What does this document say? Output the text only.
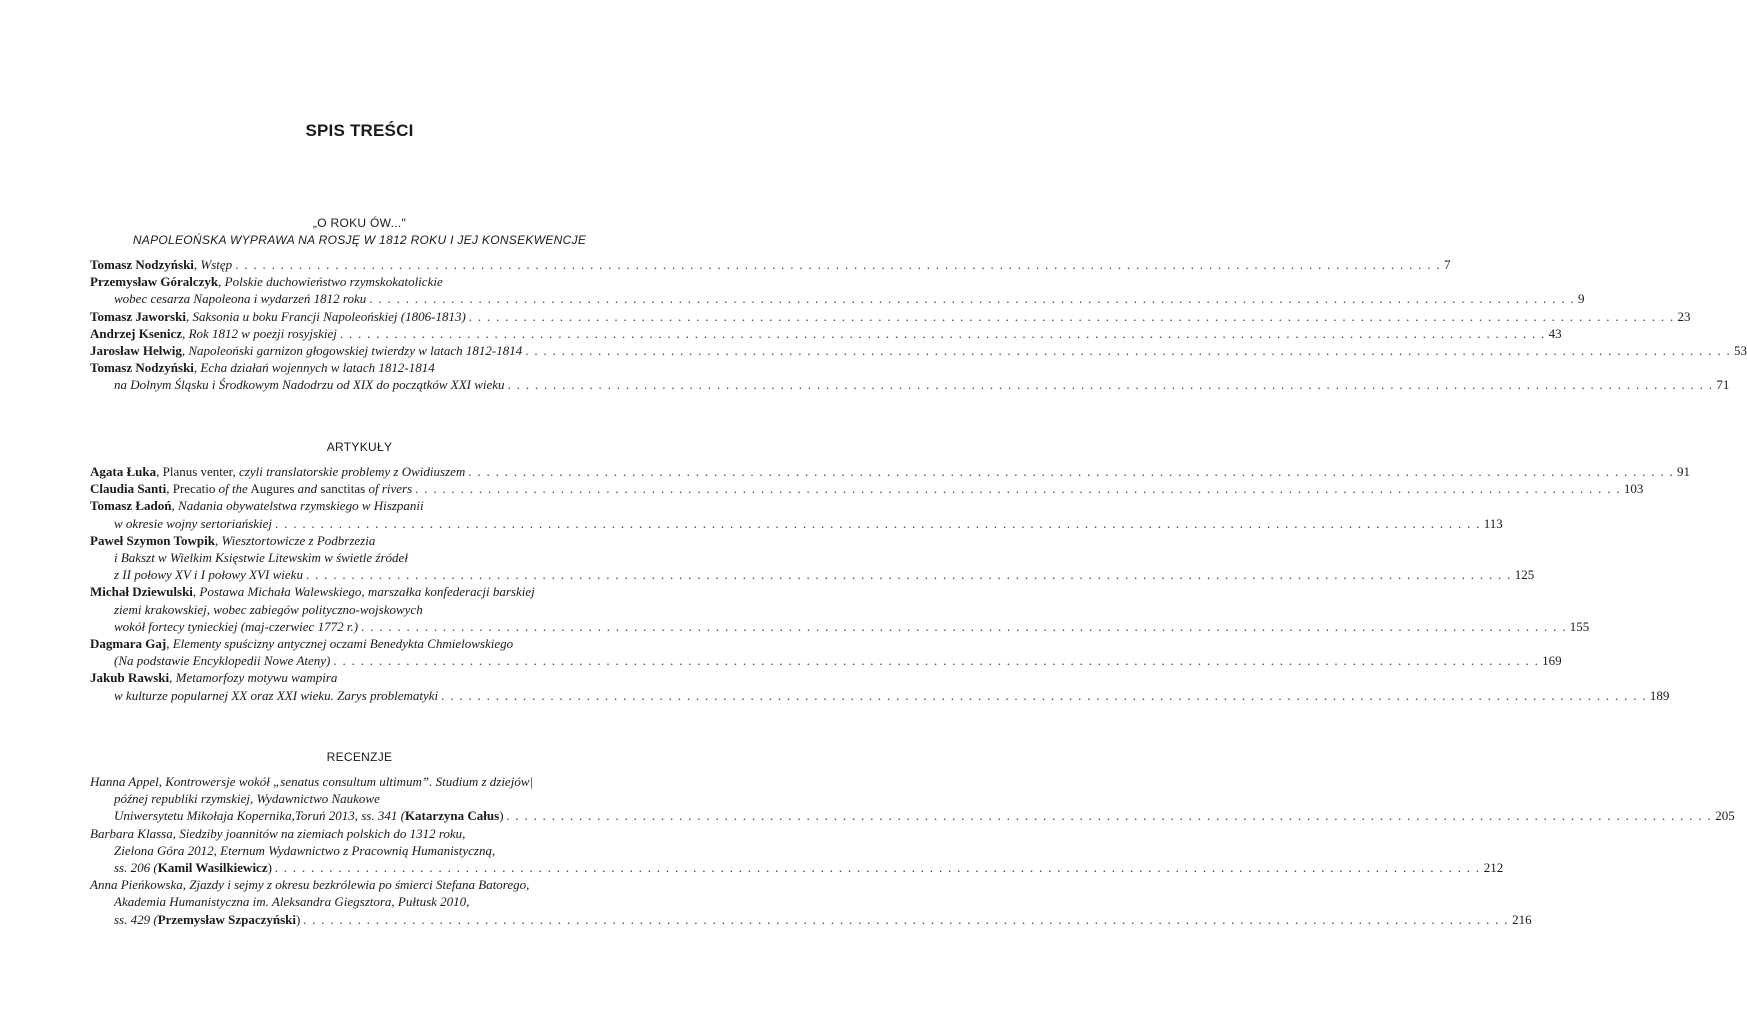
SPIS TREŚCI
„O ROKU ÓW..."
NAPOLEOŃSKA WYPRAWA NA ROSJĘ W 1812 ROKU I JEJ KONSEKWENCJE
Tomasz Nodzyński, Wstęp . . .	7
Przemysław Góralczyk, Polskie duchowieństwo rzymskokatolickie
wobec cesarza Napoleona i wydarzeń 1812 roku . . .	9
Tomasz Jaworski, Saksonia u boku Francji Napoleońskiej (1806-1813) . . .	23
Andrzej Ksenicz, Rok 1812 w poezji rosyjskiej . . .	43
Jarosław Helwig, Napoleoński garnizon głogowskiej twierdzy w latach 1812-1814 . . .	53
Tomasz Nodzyński, Echa działań wojennych w latach 1812-1814
na Dolnym Śląsku i Środkowym Nadodrzu od XIX do początków XXI wieku . . .	71
ARTYKUŁY
Agata Łuka, Planus venter, czyli translatorskie problemy z Owidiuszem . . .	91
Claudia Santi, Precatio of the Augures and sanctitas of rivers . . .	103
Tomasz Ładoń, Nadania obywatelstwa rzymskiego w Hiszpanii
w okresie wojny sertoriańskiej . . .	113
Paweł Szymon Towpik, Wiesztortowicze z Podbrzezia
i Bakszt w Wielkim Księstwie Litewskim w świetle źródeł
z II połowy XV i I połowy XVI wieku . . .	125
Michał Dziewulski, Postawa Michała Walewskiego, marszałka konfederacji barskiej
ziemi krakowskiej, wobec zabiegów polityczno-wojskowych
wokół fortecy tynieckiej (maj-czerwiec 1772 r.) . . .	155
Dagmara Gaj, Elementy spuścizny antycznej oczami Benedykta Chmielowskiego
(Na podstawie Encyklopedii Nowe Ateny) . . .	169
Jakub Rawski, Metamorfozy motywu wampira
w kulturze popularnej XX oraz XXI wieku. Zarys problematyki . . .	189
RECENZJE
Hanna Appel, Kontrowersje wokół „senatus consultum ultimum”. Studium z dziejów|
późnej republiki rzymskiej, Wydawnictwo Naukowe
Uniwersytetu Mikołaja Kopernika,Toruń 2013, ss. 341 (Katarzyna Całus) . . .	205
Barbara Klassa, Siedziby joannitów na ziemiach polskich do 1312 roku,
Zielona Góra 2012, Eternum Wydawnictwo z Pracownią Humanistyczną,
ss. 206 (Kamil Wasilkiewicz) . . .	212
Anna Pieńkowska, Zjazdy i sejmy z okresu bezkrólewia po śmierci Stefana Batorego,
Akademia Humanistyczna im. Aleksandra Giegsztora, Pułtusk 2010,
ss. 429 (Przemysław Szpaczyński) . . .	216
